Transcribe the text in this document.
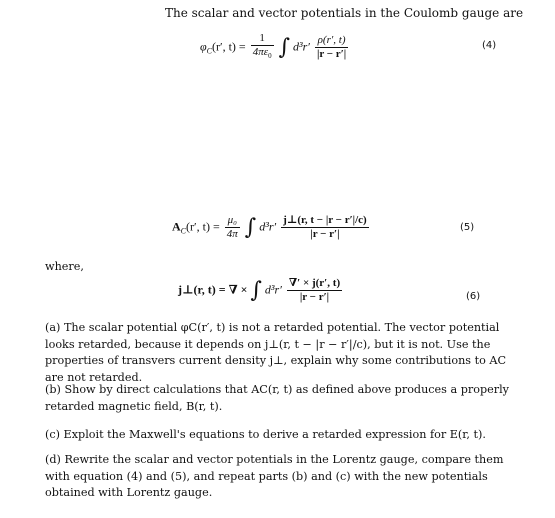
The scalar and vector potentials in the Coulomb gauge are
$\varphi_C(r'$, $t) = \frac{1}{4\pi\varepsilon_0}$ ∫ $d^3r' \frac{\rho(r', t)}{|r - r'|}$	(4)
$A_C(r'$, $t) = \frac{\text{μ₀}}{4\pi}$ ∫ $d^3r' \frac{j\perp(r, t - |r - r'|/c)}{|r - r'|}$	(5)
where,
j⊥(r, t) = ∇ × ∫ $d^3r' \frac{\nabla' \times j(r', t)}{|r - r'|}$	(6)

(a) The scalar potential φC(r′, t) is not a retarded potential. The vector potential looks retarded, because it depends on j⊥(r, t − |r − r′|/c), but it is not. Use the properties of transvers current density j⊥, explain why some contributions to AC are not retarded.

(b) Show by direct calculations that AC(r, t) as defined above produces a properly retarded magnetic field, B(r, t).

(c) Exploit the Maxwell's equations to derive a retarded expression for E(r, t).

(d) Rewrite the scalar and vector potentials in the Lorentz gauge, compare them with equation (4) and (5), and repeat parts (b) and (c) with the new potentials obtained with Lorentz gauge.
